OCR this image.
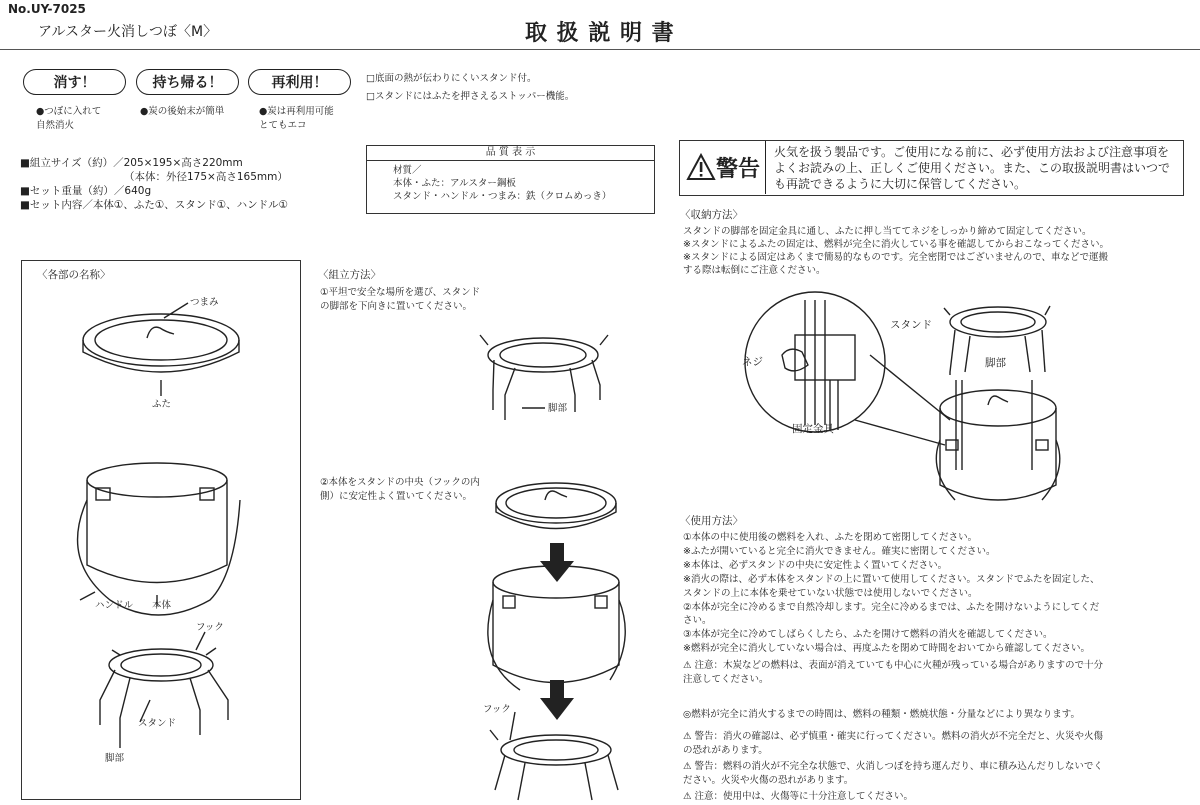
No.UY-7025
アルスター火消しつぼ〈M〉	取 扱 説 明 書
消す！	持ち帰る！	再利用！
●つぼに入れて
自然消火
●炭の後始末が簡単	●炭は再利用可能
とてもエコ
□底面の熱が伝わりにくいスタンド付。
□スタンドにはふたを押さえるストッパー機能。
■組立サイズ（約）／205×195×高さ220mm
（本体：外径175×高さ165mm）
■セット重量（約）／640g
■セット内容／本体①、ふた①、スタンド①、ハンドル①
品 質 表 示
材質／
本体・ふた：アルスター鋼板
スタンド・ハンドル・つまみ：鉄（クロムめっき）
警告
火気を扱う製品です。ご使用になる前に、必ず使用方法および注意事項をよくお読みの上、正しくご使用ください。また、この取扱説明書はいつでも再読できるように大切に保管してください。
〈各部の名称〉
つまみ
ふた
ハンドル 本体
フック
スタンド
脚部
〈組立方法〉
①平坦で安全な場所を選び、スタンドの脚部を下向きに置いてください。
脚部
②本体をスタンドの中央（フックの内側）に安定性よく置いてください。
フック
〈収納方法〉
スタンドの脚部を固定金具に通し、ふたに押し当ててネジをしっかり締めて固定してください。
※スタンドによるふたの固定は、燃料が完全に消火している事を確認してからおこなってください。
※スタンドによる固定はあくまで簡易的なものです。完全密閉ではございませんので、車などで運搬
する際は転倒にご注意ください。
スタンド
脚部
ネジ
固定金具
〈使用方法〉
①本体の中に使用後の燃料を入れ、ふたを閉めて密閉してください。
※ふたが開いていると完全に消火できません。確実に密閉してください。
※本体は、必ずスタンドの中央に安定性よく置いてください。
※消火の際は、必ず本体をスタンドの上に置いて使用してください。スタンドでふたを固定した、
スタンドの上に本体を乗せていない状態では使用しないでください。
②本体が完全に冷めるまで自然冷却します。完全に冷めるまでは、ふたを開けないようにしてくだ
さい。
③本体が完全に冷めてしばらくしたら、ふたを開けて燃料の消火を確認してください。
※燃料が完全に消火していない場合は、再度ふたを閉めて時間をおいてから確認してください。
⚠ 注意：木炭などの燃料は、表面が消えていても中心に火種が残っている場合がありますので十分
注意してください。
◎燃料が完全に消火するまでの時間は、燃料の種類・燃焼状態・分量などにより異なります。
⚠ 警告：消火の確認は、必ず慎重・確実に行ってください。燃料の消火が不完全だと、火災や火傷
の恐れがあります。
⚠ 警告：燃料の消火が不完全な状態で、火消しつぼを持ち運んだり、車に積み込んだりしないでく
ださい。火災や火傷の恐れがあります。
⚠ 注意：使用中は、火傷等に十分注意してください。
